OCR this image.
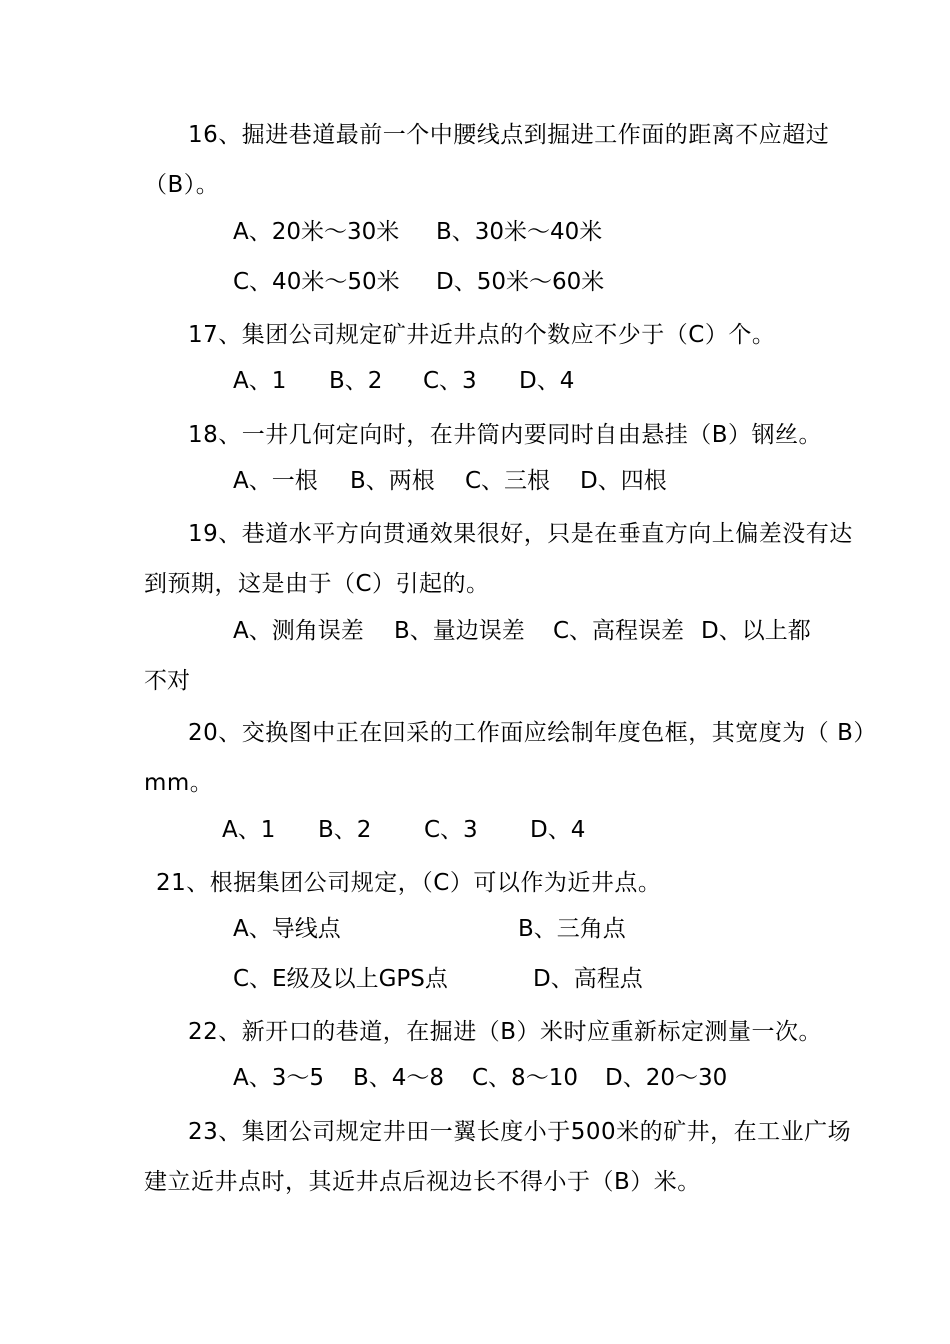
16、掘进巷道最前一个中腰线点到掘进工作面的距离不应超过
（B）。
A、20米～30米 B、30米～40米
C、40米～50米 D、50米～60米
17、集团公司规定矿井近井点的个数应不少于（C）个。
A、1 B、2 C、3 D、4
18、一井几何定向时，在井筒内要同时自由悬挂（B）钢丝。
A、一根 B、两根 C、三根 D、四根
19、巷道水平方向贯通效果很好，只是在垂直方向上偏差没有达
到预期，这是由于（C）引起的。
A、测角误差 B、量边误差 C、高程误差 D、以上都
不对
20、交换图中正在回采的工作面应绘制年度色框，其宽度为（ B）
mm。
A、1 B、2 C、3 D、4
21、根据集团公司规定，（C）可以作为近井点。
A、导线点	B、三角点
C、E级及以上GPS点	D、高程点
22、新开口的巷道，在掘进（B）米时应重新标定测量一次。
A、3～5 B、4～8 C、8～10 D、20～30
23、集团公司规定井田一翼长度小于500米的矿井，在工业广场
建立近井点时，其近井点后视边长不得小于（B）米。
